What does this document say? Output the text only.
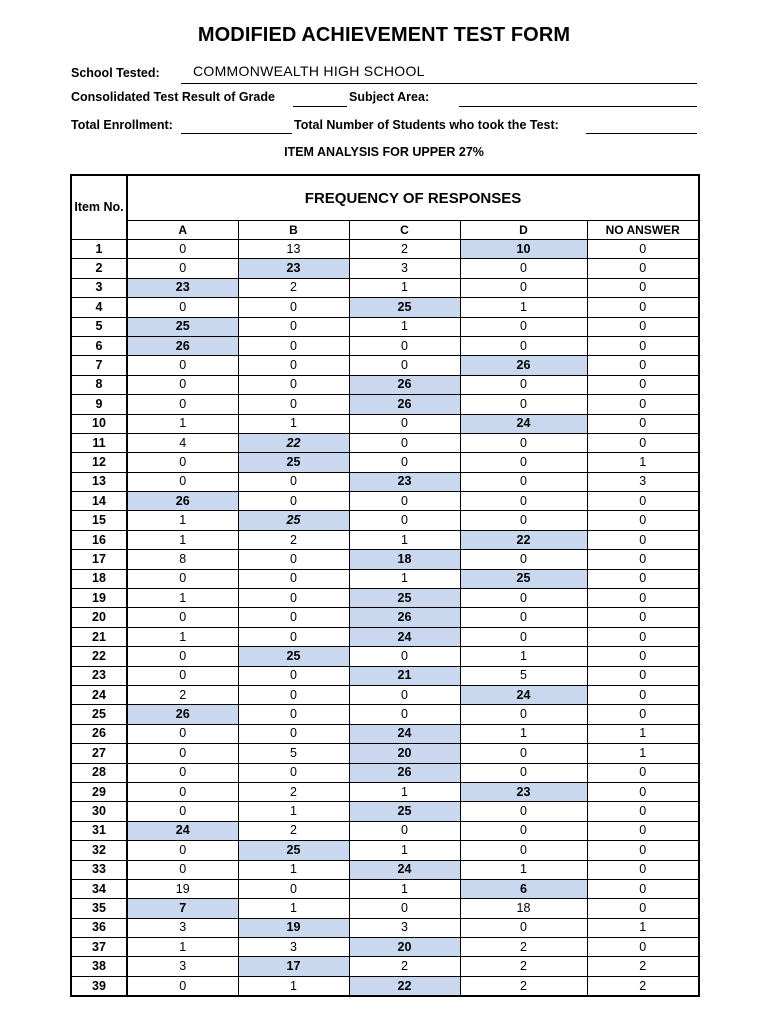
MODIFIED ACHIEVEMENT TEST FORM
School Tested: COMMONWEALTH HIGH SCHOOL
Consolidated Test Result of Grade	Subject Area:
Total Enrollment:	Total Number of Students who took the Test:
ITEM ANALYSIS FOR UPPER 27%
Item No.	FREQUENCY OF RESPONSES				
	A	B	C	D	NO ANSWER
1	0	13	2	10	0
2	0	23	3	0	0
3	23	2	1	0	0
4	0	0	25	1	0
5	25	0	1	0	0
6	26	0	0	0	0
7	0	0	0	26	0
8	0	0	26	0	0
9	0	0	26	0	0
10	1	1	0	24	0
11	4	22	0	0	0
12	0	25	0	0	1
13	0	0	23	0	3
14	26	0	0	0	0
15	1	25	0	0	0
16	1	2	1	22	0
17	8	0	18	0	0
18	0	0	1	25	0
19	1	0	25	0	0
20	0	0	26	0	0
21	1	0	24	0	0
22	0	25	0	1	0
23	0	0	21	5	0
24	2	0	0	24	0
25	26	0	0	0	0
26	0	0	24	1	1
27	0	5	20	0	1
28	0	0	26	0	0
29	0	2	1	23	0
30	0	1	25	0	0
31	24	2	0	0	0
32	0	25	1	0	0
33	0	1	24	1	0
34	19	0	1	6	0
35	7	1	0	18	0
36	3	19	3	0	1
37	1	3	20	2	0
38	3	17	2	2	2
39	0	1	22	2	2
